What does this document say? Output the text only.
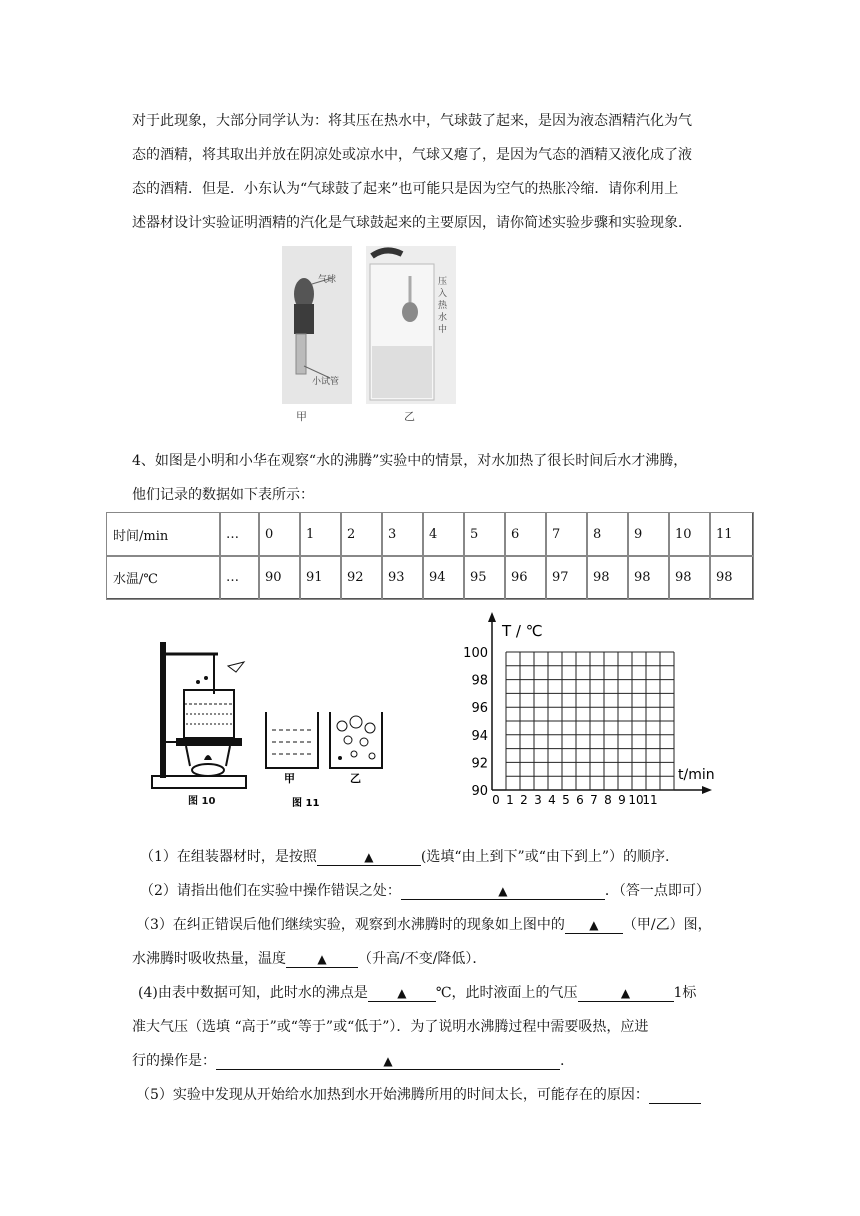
对于此现象，大部分同学认为：将其压在热水中，气球鼓了起来，是因为液态酒精汽化为气
态的酒精，将其取出并放在阴凉处或凉水中，气球又瘪了，是因为气态的酒精又液化成了液
态的酒精．但是．小东认为“气球鼓了起来”也可能只是因为空气的热胀冷缩．请你利用上
述器材设计实验证明酒精的汽化是气球鼓起来的主要原因，请你简述实验步骤和实验现象．
气球
小试管
甲
压入热水中
乙
4、如图是小明和小华在观察“水的沸腾”实验中的情景，对水加热了很长时间后水才沸腾，
他们记录的数据如下表所示：
时间/min	…	0	1	2	3	4	5	6	7	8	9	10	11
水温/℃	…	90	91	92	93	94	95	96	97	98	98	98	98
图 10
甲	乙
图 11
T / ℃
t/min
100
98
96
94
92
90
0 1 2 3 4 5 6 7 8 9 10
11
（1）在组装器材时，是按照	▲	(选填“由上到下”或“由下到上”）的顺序.
（2）请指出他们在实验中操作错误之处：	▲	．（答一点即可）
（3）在纠正错误后他们继续实验，观察到水沸腾时的现象如上图中的 ▲ （甲/乙）图，
水沸腾时吸收热量，温度	▲ （升高/不变/降低）．
(4)由表中数据可知，此时水的沸点是 ▲ ℃，此时液面上的气压	▲	1标
准大气压（选填 “高于”或“等于”或“低于”）．为了说明水沸腾过程中需要吸热，应进
行的操作是：	▲	.
（5）实验中发现从开始给水加热到水开始沸腾所用的时间太长，可能存在的原因：
